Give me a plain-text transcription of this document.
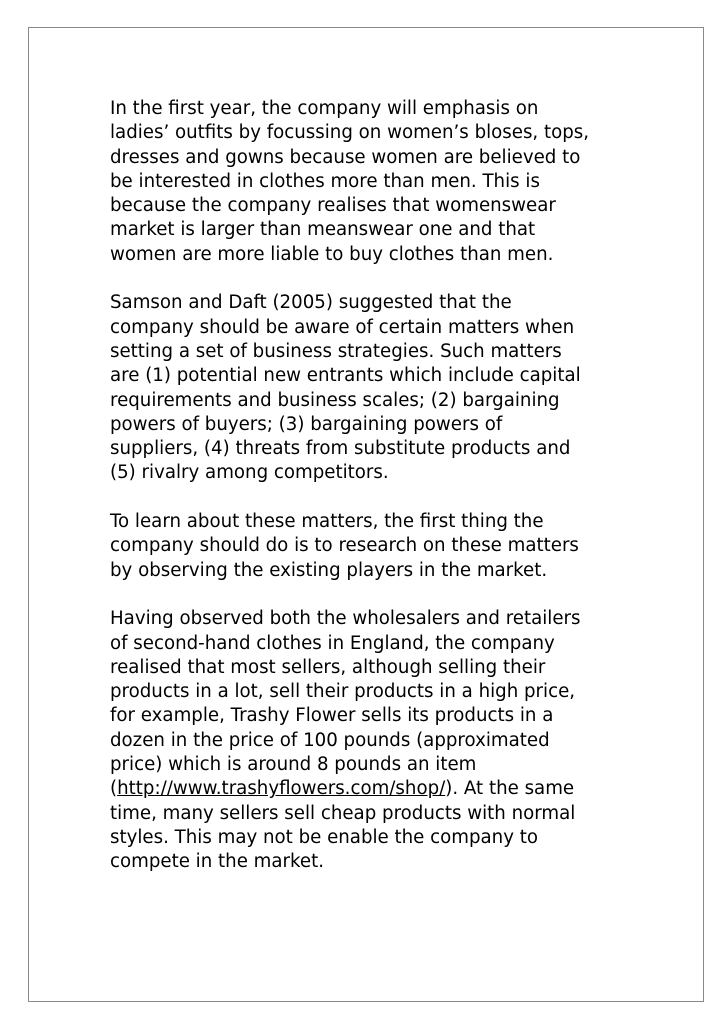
In the first year, the company will emphasis on
ladies’ outfits by focussing on women’s bloses, tops,
dresses and gowns because women are believed to
be interested in clothes more than men. This is
because the company realises that womenswear
market is larger than meanswear one and that
women are more liable to buy clothes than men.

Samson and Daft (2005) suggested that the
company should be aware of certain matters when
setting a set of business strategies. Such matters
are (1) potential new entrants which include capital
requirements and business scales; (2) bargaining
powers of buyers; (3) bargaining powers of
suppliers, (4) threats from substitute products and
(5) rivalry among competitors.

To learn about these matters, the first thing the
company should do is to research on these matters
by observing the existing players in the market.

Having observed both the wholesalers and retailers
of second-hand clothes in England, the company
realised that most sellers, although selling their
products in a lot, sell their products in a high price,
for example, Trashy Flower sells its products in a
dozen in the price of 100 pounds (approximated
price) which is around 8 pounds an item
(http://www.trashyflowers.com/shop/). At the same
time, many sellers sell cheap products with normal
styles. This may not be enable the company to
compete in the market.
